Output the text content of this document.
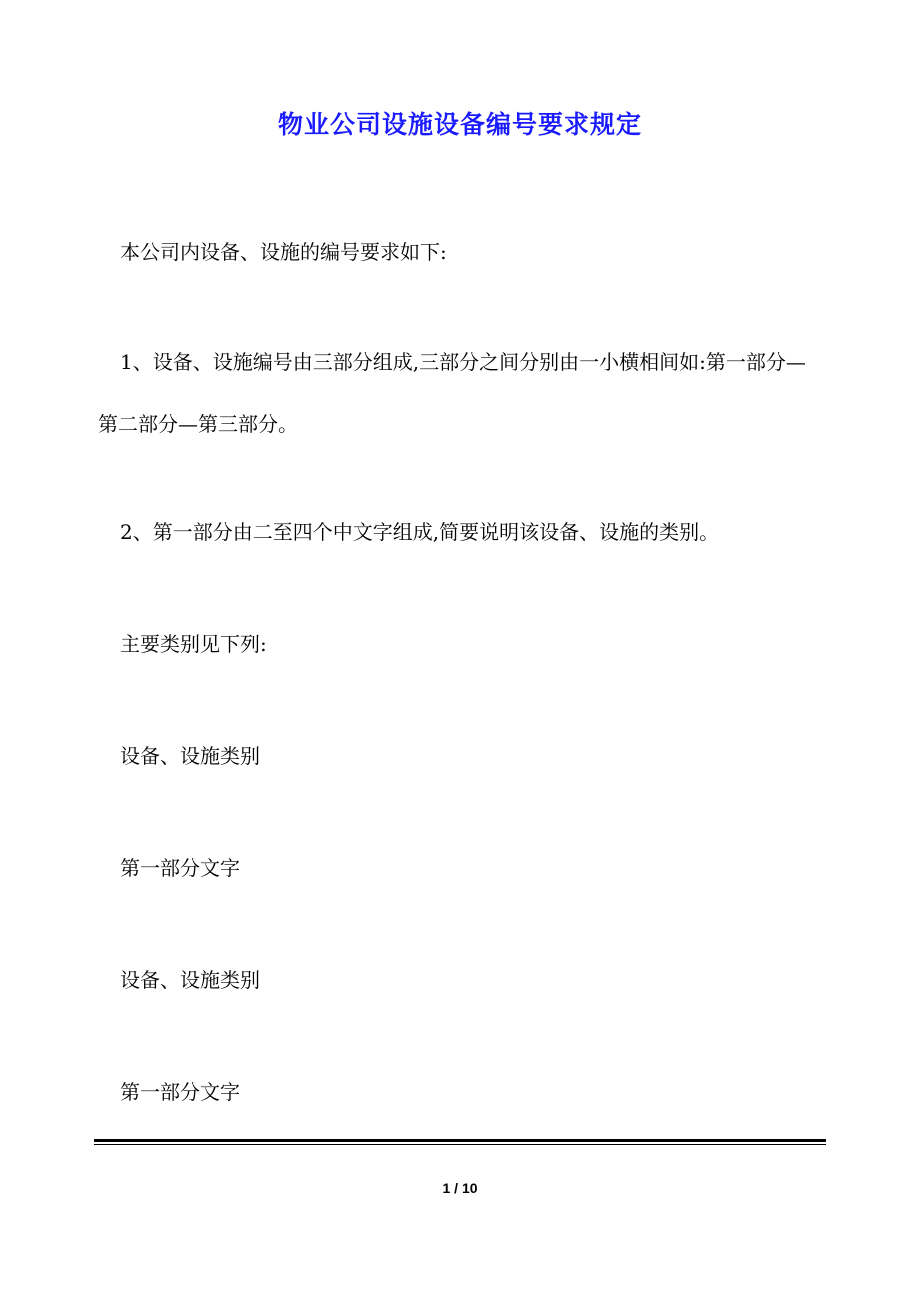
物业公司设施设备编号要求规定

本公司内设备、设施的编号要求如下:

1、设备、设施编号由三部分组成,三部分之间分别由一小横相间如:第一部分—第二部分—第三部分。

2、第一部分由二至四个中文字组成,简要说明该设备、设施的类别。

主要类别见下列:

设备、设施类别

第一部分文字

设备、设施类别

第一部分文字

1 / 10
